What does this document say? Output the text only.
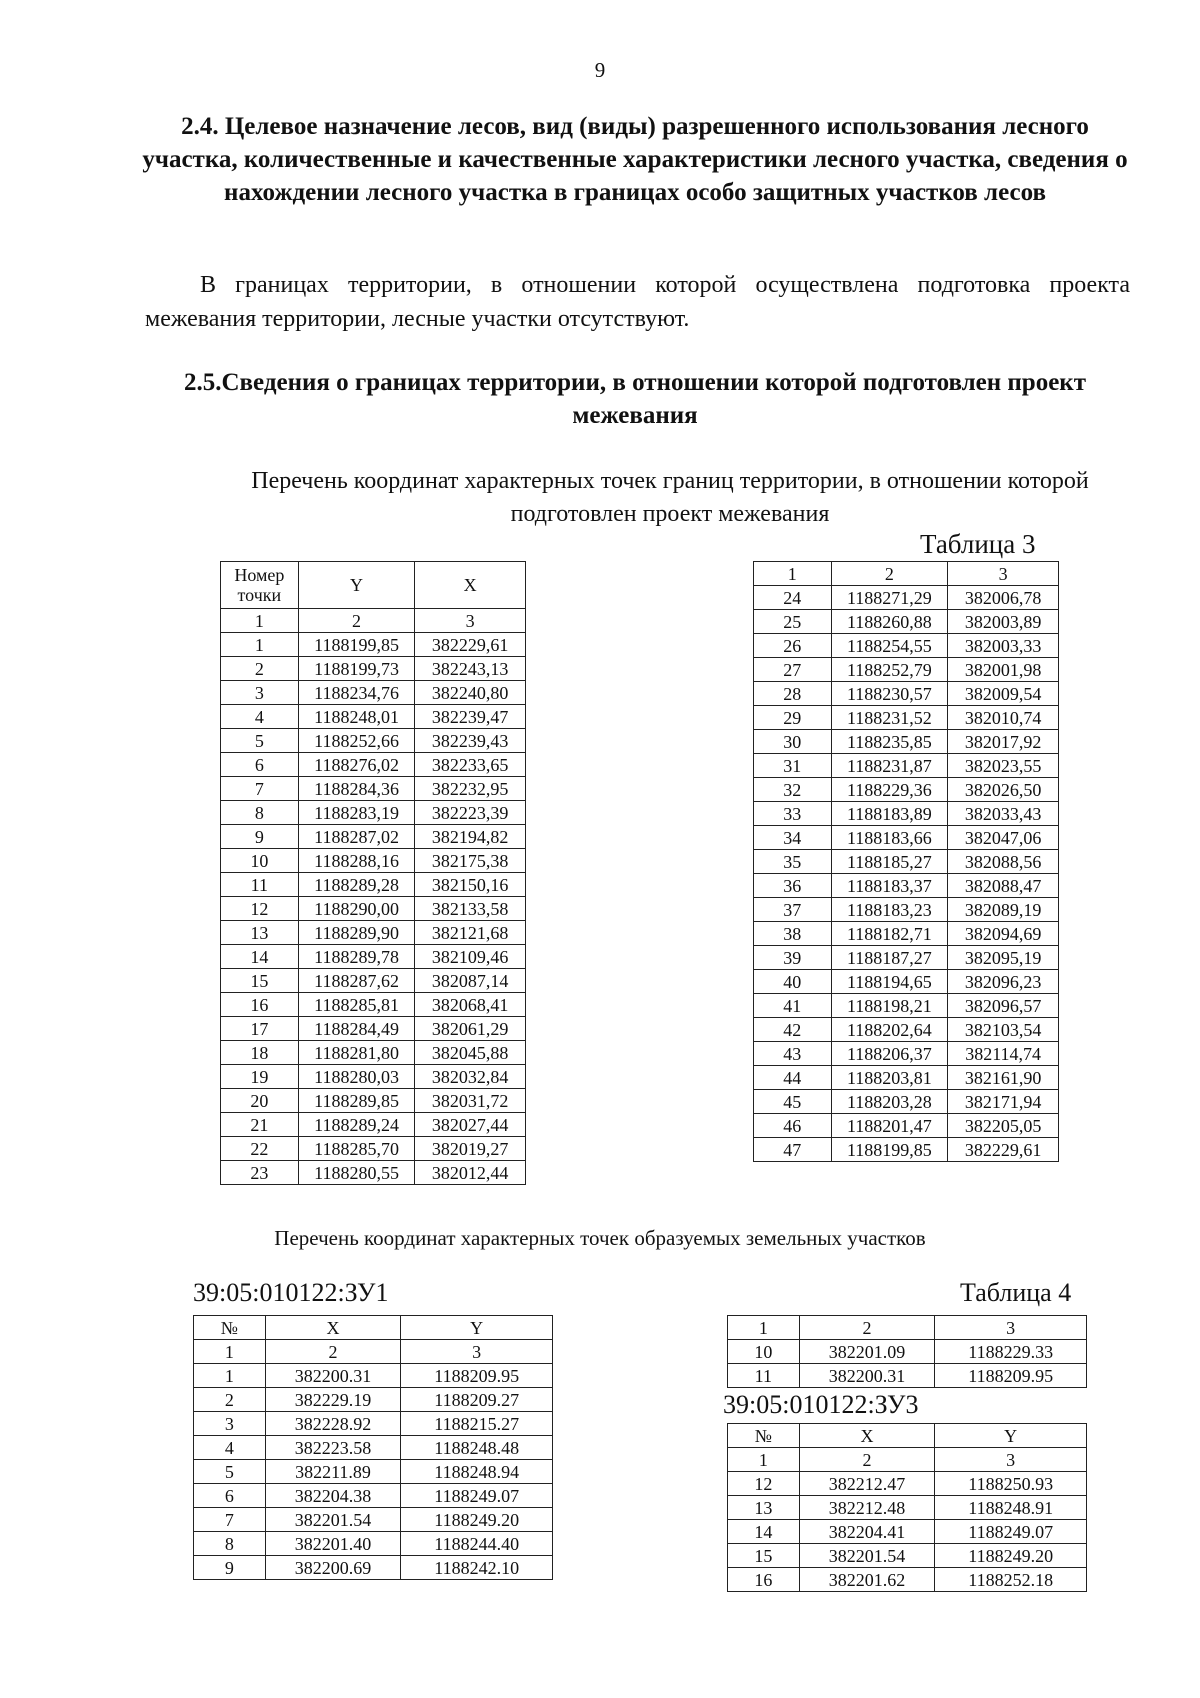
9
2.4. Целевое назначение лесов, вид (виды) разрешенного использования лесного участка, количественные и качественные характеристики лесного участка, сведения о нахождении лесного участка в границах особо защитных участков лесов
В границах территории, в отношении которой осуществлена подготовка проекта межевания территории, лесные участки отсутствуют.
2.5.Сведения о границах территории, в отношении которой подготовлен проект межевания
Перечень координат характерных точек границ территории, в отношении которой подготовлен проект межевания
Таблица 3
Номер точки	Y	X
1	2	3
1	1188199,85	382229,61
2	1188199,73	382243,13
3	1188234,76	382240,80
4	1188248,01	382239,47
5	1188252,66	382239,43
6	1188276,02	382233,65
7	1188284,36	382232,95
8	1188283,19	382223,39
9	1188287,02	382194,82
10	1188288,16	382175,38
11	1188289,28	382150,16
12	1188290,00	382133,58
13	1188289,90	382121,68
14	1188289,78	382109,46
15	1188287,62	382087,14
16	1188285,81	382068,41
17	1188284,49	382061,29
18	1188281,80	382045,88
19	1188280,03	382032,84
20	1188289,85	382031,72
21	1188289,24	382027,44
22	1188285,70	382019,27
23	1188280,55	382012,44
1	2	3
24	1188271,29	382006,78
25	1188260,88	382003,89
26	1188254,55	382003,33
27	1188252,79	382001,98
28	1188230,57	382009,54
29	1188231,52	382010,74
30	1188235,85	382017,92
31	1188231,87	382023,55
32	1188229,36	382026,50
33	1188183,89	382033,43
34	1188183,66	382047,06
35	1188185,27	382088,56
36	1188183,37	382088,47
37	1188183,23	382089,19
38	1188182,71	382094,69
39	1188187,27	382095,19
40	1188194,65	382096,23
41	1188198,21	382096,57
42	1188202,64	382103,54
43	1188206,37	382114,74
44	1188203,81	382161,90
45	1188203,28	382171,94
46	1188201,47	382205,05
47	1188199,85	382229,61
Перечень координат характерных точек образуемых земельных участков
39:05:010122:ЗУ1	Таблица 4
№	X	Y
1	2	3
1	382200.31	1188209.95
2	382229.19	1188209.27
3	382228.92	1188215.27
4	382223.58	1188248.48
5	382211.89	1188248.94
6	382204.38	1188249.07
7	382201.54	1188249.20
8	382201.40	1188244.40
9	382200.69	1188242.10
1	2	3
10	382201.09	1188229.33
11	382200.31	1188209.95
39:05:010122:ЗУ3
№	X	Y
1	2	3
12	382212.47	1188250.93
13	382212.48	1188248.91
14	382204.41	1188249.07
15	382201.54	1188249.20
16	382201.62	1188252.18
